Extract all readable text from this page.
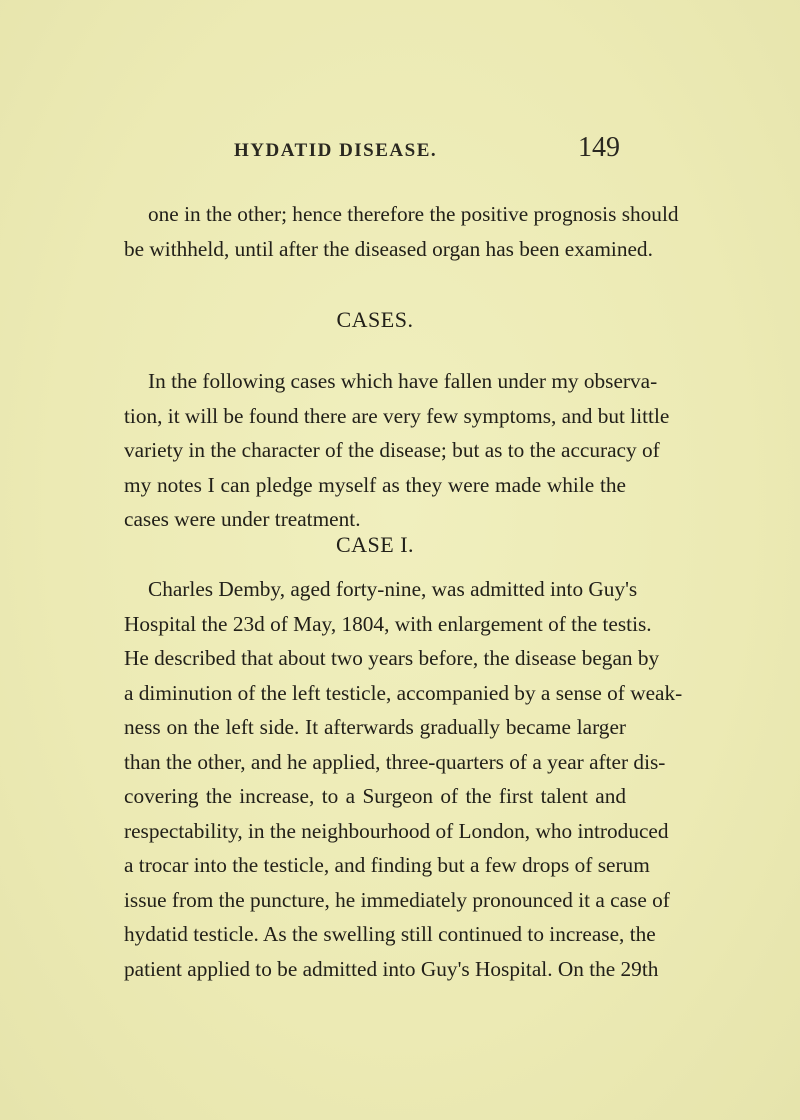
HYDATID DISEASE.	149
one in the other; hence therefore the positive prognosis should
be withheld, until after the diseased organ has been examined.
CASES.
In the following cases which have fallen under my observa-
tion, it will be found there are very few symptoms, and but little
variety in the character of the disease; but as to the accuracy of
my notes I can pledge myself as they were made while the
cases were under treatment.
CASE I.
Charles Demby, aged forty-nine, was admitted into Guy's
Hospital the 23d of May, 1804, with enlargement of the testis.
He described that about two years before, the disease began by
a diminution of the left testicle, accompanied by a sense of weak-
ness on the left side. It afterwards gradually became larger
than the other, and he applied, three-quarters of a year after dis-
covering the increase, to a Surgeon of the first talent and
respectability, in the neighbourhood of London, who introduced
a trocar into the testicle, and finding but a few drops of serum
issue from the puncture, he immediately pronounced it a case of
hydatid testicle. As the swelling still continued to increase, the
patient applied to be admitted into Guy's Hospital. On the 29th
